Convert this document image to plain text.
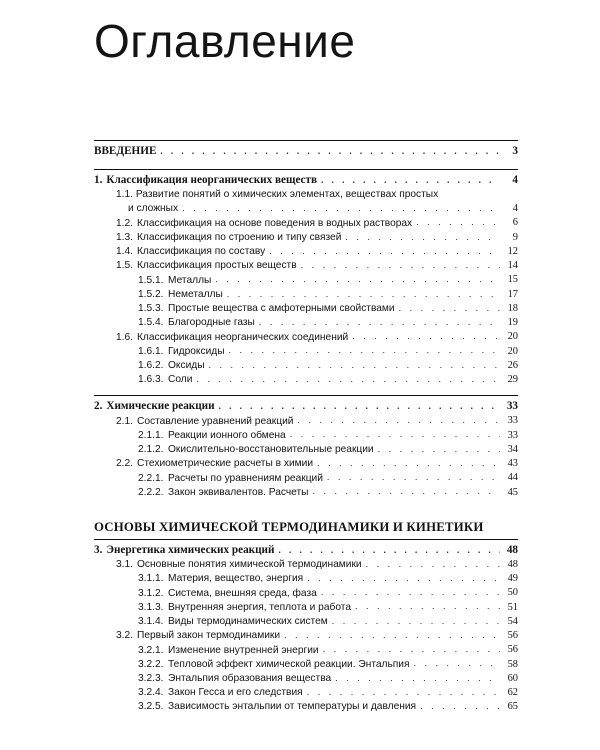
Оглавление
ВВЕДЕНИЕ . . .	3
1. Классификация неорганических веществ . . .	4
1.1. Развитие понятий о химических элементах, веществах простых
и сложных . . .	4
1.2. Классификация на основе поведения в водных растворах . . .	6
1.3. Классификация по строению и типу связей . . .	9
1.4. Классификация по составу . . .	12
1.5. Классификация простых веществ . . .	14
1.5.1. Металлы . . .	15
1.5.2. Неметаллы . . .	17
1.5.3. Простые вещества с амфотерными свойствами . . .	18
1.5.4. Благородные газы . . .	19
1.6. Классификация неорганических соединений . . .	20
1.6.1. Гидроксиды . . .	20
1.6.2. Оксиды . . .	26
1.6.3. Соли . . .	29
2. Химические реакции . . .	33
2.1. Составление уравнений реакций . . .	33
2.1.1. Реакции ионного обмена . . .	33
2.1.2. Окислительно-восстановительные реакции . . .	34
2.2. Стехиометрические расчеты в химии . . .	43
2.2.1. Расчеты по уравнениям реакций . . .	44
2.2.2. Закон эквивалентов. Расчеты . . .	45
ОСНОВЫ ХИМИЧЕСКОЙ ТЕРМОДИНАМИКИ И КИНЕТИКИ
3. Энергетика химических реакций . . .	48
3.1. Основные понятия химической термодинамики . . .	48
3.1.1. Материя, вещество, энергия . . .	49
3.1.2. Система, внешняя среда, фаза . . .	50
3.1.3. Внутренняя энергия, теплота и работа . . .	51
3.1.4. Виды термодинамических систем . . .	54
3.2. Первый закон термодинамики . . .	56
3.2.1. Изменение внутренней энергии . . .	56
3.2.2. Тепловой эффект химической реакции. Энтальпия . . .	58
3.2.3. Энтальпия образования вещества . . .	60
3.2.4. Закон Гесса и его следствия . . .	62
3.2.5. Зависимость энтальпии от температуры и давления . . .	65
